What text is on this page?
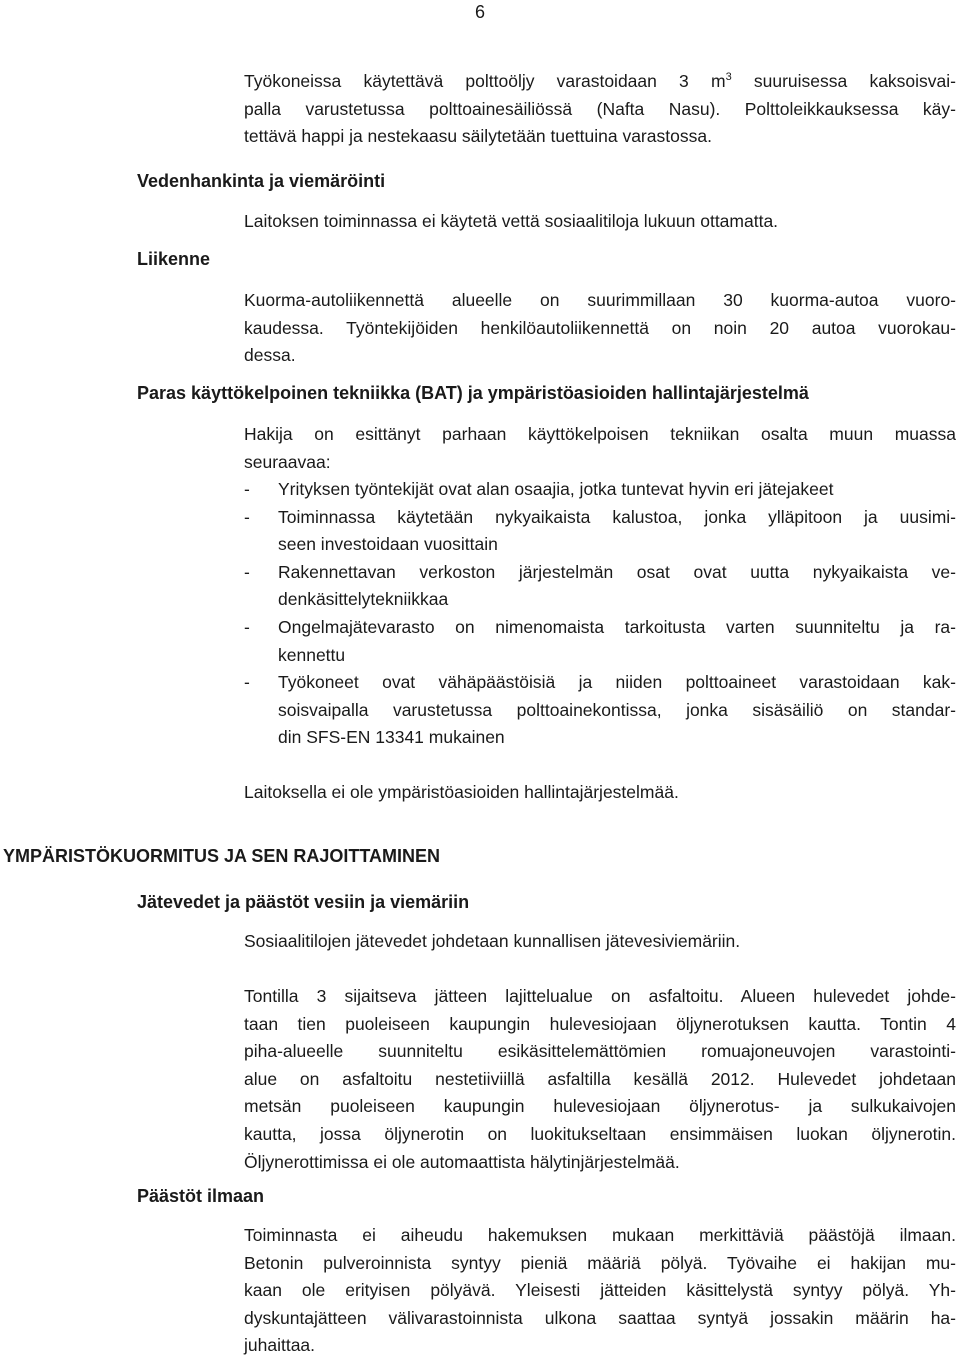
6
Työkoneissa käytettävä polttoöljy varastoidaan 3 $m^3$ suuruisessa kaksoisvai-
palla varustetussa polttoainesäiliössä (Nafta Nasu). Polttoleikkauksessa käy-
tettävä happi ja nestekaasu säilytetään tuettuina varastossa.
Vedenhankinta ja viemäröinti
Laitoksen toiminnassa ei käytetä vettä sosiaalitiloja lukuun ottamatta.
Liikenne
Kuorma-autoliikennettä alueelle on suurimmillaan 30 kuorma-autoa vuoro-
kaudessa. Työntekijöiden henkilöautoliikennettä on noin 20 autoa vuorokau-
dessa.
Paras käyttökelpoinen tekniikka (BAT) ja ympäristöasioiden hallintajärjestelmä
Hakija on esittänyt parhaan käyttökelpoisen tekniikan osalta muun muassa
seuraavaa:
- Yrityksen työntekijät ovat alan osaajia, jotka tuntevat hyvin eri jätejakeet
- Toiminnassa käytetään nykyaikaista kalustoa, jonka ylläpitoon ja uusimi-
seen investoidaan vuosittain
- Rakennettavan verkoston järjestelmän osat ovat uutta nykyaikaista ve-
denkäsittelytekniikkaa
- Ongelmajätevarasto on nimenomaista tarkoitusta varten suunniteltu ja ra-
kennettu
- Työkoneet ovat vähäpäästöisiä ja niiden polttoaineet varastoidaan kak-
soisvaipalla varustetussa polttoainekontissa, jonka sisäsäiliö on standar-
din SFS-EN 13341 mukainen
Laitoksella ei ole ympäristöasioiden hallintajärjestelmää.
YMPÄRISTÖKUORMITUS JA SEN RAJOITTAMINEN
Jätevedet ja päästöt vesiin ja viemäriin
Sosiaalitilojen jätevedet johdetaan kunnallisen jätevesiviemäriin.
Tontilla 3 sijaitseva jätteen lajittelualue on asfaltoitu. Alueen hulevedet johde-
taan tien puoleiseen kaupungin hulevesiojaan öljynerotuksen kautta. Tontin 4
piha-alueelle suunniteltu esikäsittelemättömien romuajoneuvojen varastointi-
alue on asfaltoitu nestetiiviillä asfaltilla kesällä 2012. Hulevedet johdetaan
metsän puoleiseen kaupungin hulevesiojaan öljynerotus- ja sulkukaivojen
kautta, jossa öljynerotin on luokitukseltaan ensimmäisen luokan öljynerotin.
Öljynerottimissa ei ole automaattista hälytinjärjestelmää.
Päästöt ilmaan
Toiminnasta ei aiheudu hakemuksen mukaan merkittäviä päästöjä ilmaan.
Betonin pulveroinnista syntyy pieniä määriä pölyä. Työvaihe ei hakijan mu-
kaan ole erityisen pölyävä. Yleisesti jätteiden käsittelystä syntyy pölyä. Yh-
dyskuntajätteen välivarastoinnista ulkona saattaa syntyä jossakin määrin ha-
juhaittaa.
